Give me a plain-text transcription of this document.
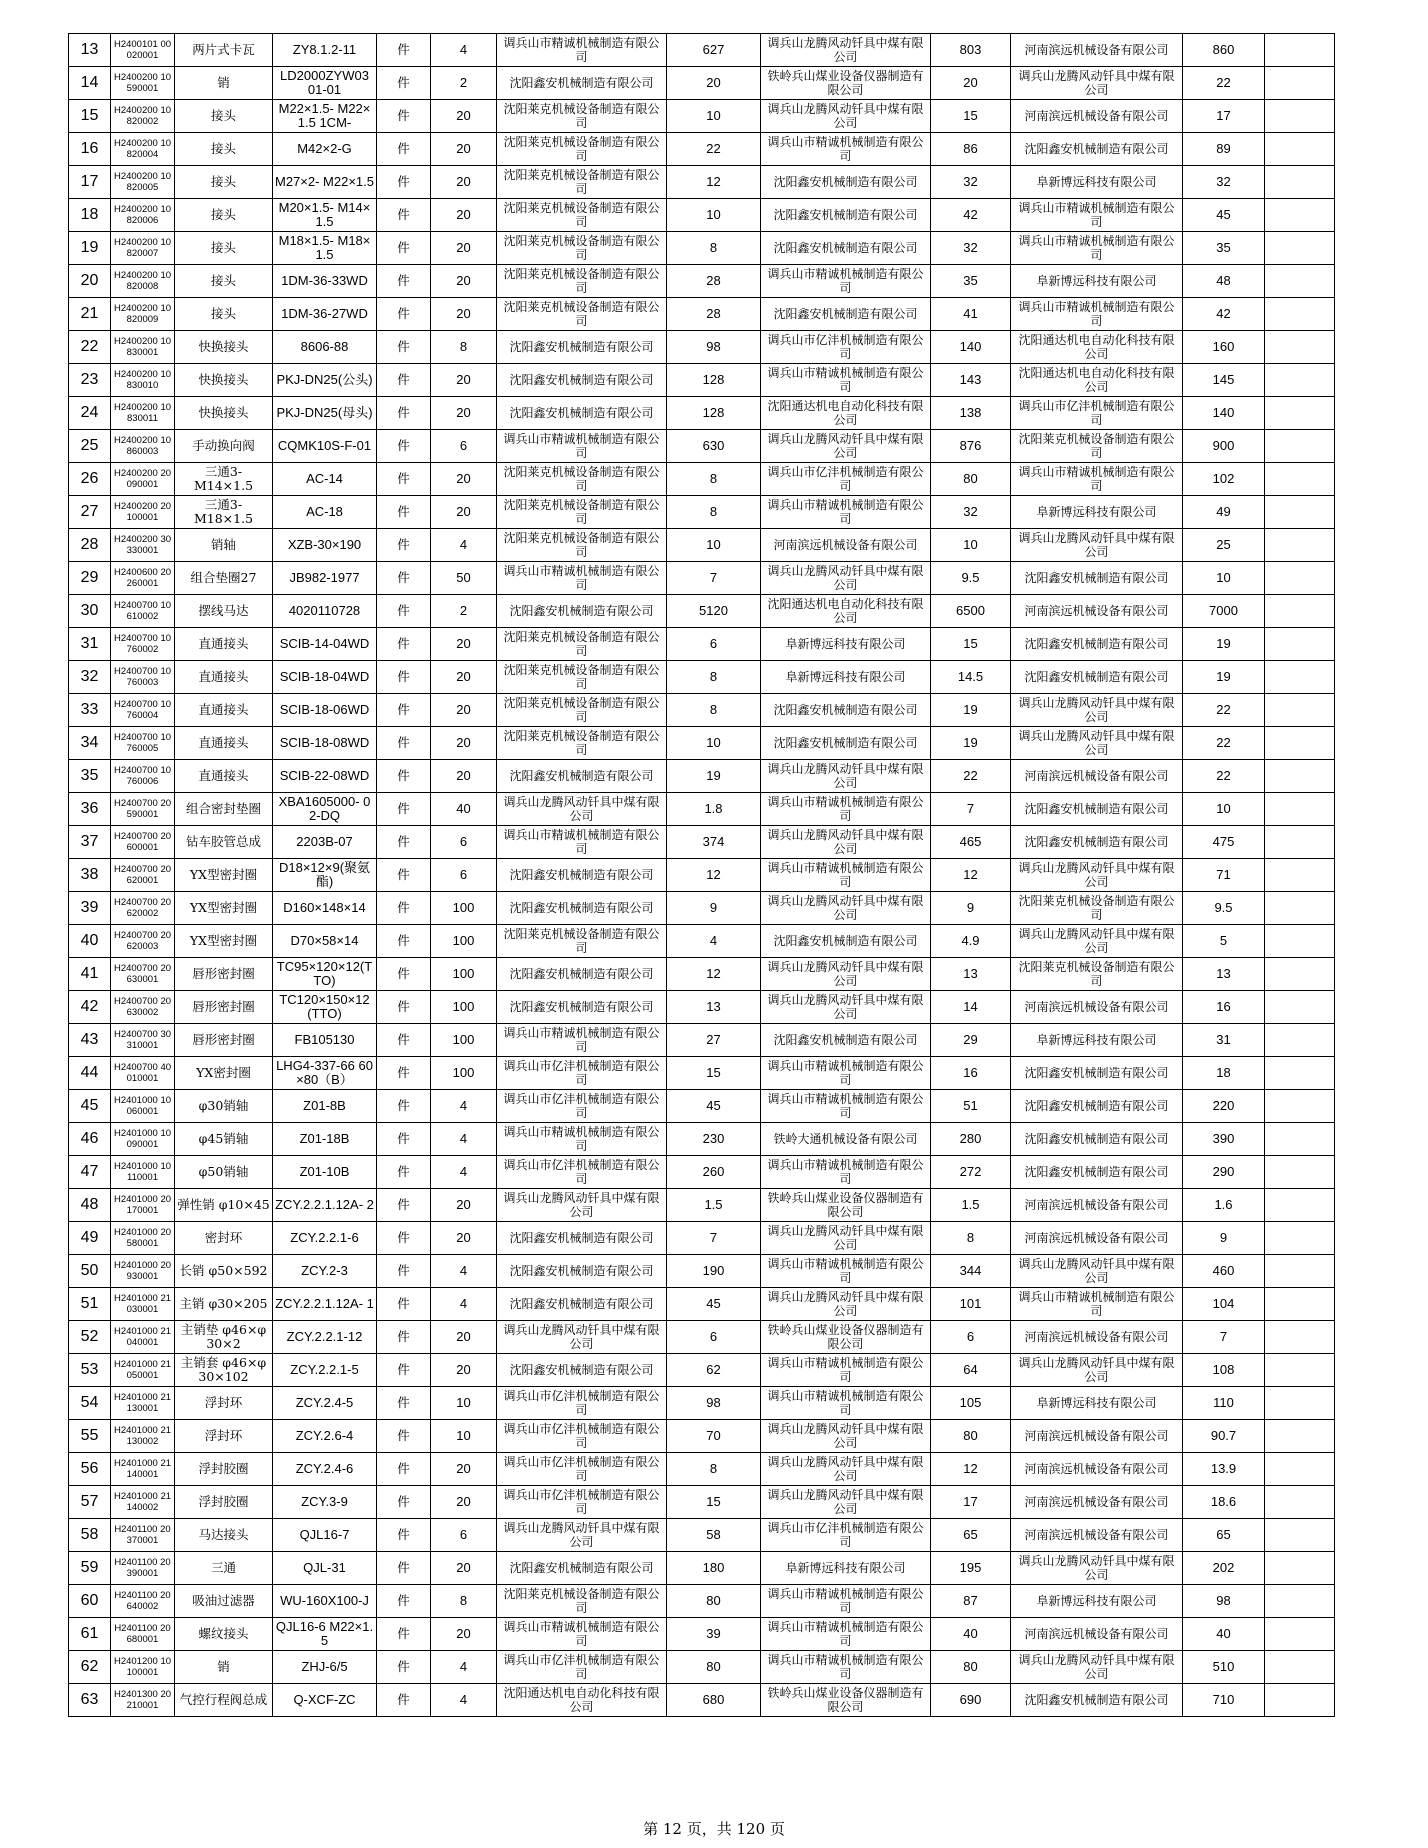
13	H2400101 00020001	两片式卡瓦	ZY8.1.2-11	件	4	调兵山市精诚机械制造有限公司	627	调兵山龙腾风动钎具中煤有限公司	803	河南滨远机械设备有限公司	860	
14	H2400200 10590001	销	LD2000ZYW03 01-01	件	2	沈阳鑫安机械制造有限公司	20	铁岭兵山煤业设备仪器制造有限公司	20	调兵山龙腾风动钎具中煤有限公司	22	
15	H2400200 10820002	接头	M22×1.5- M22×1.5 1CM-	件	20	沈阳莱克机械设备制造有限公司	10	调兵山龙腾风动钎具中煤有限公司	15	河南滨远机械设备有限公司	17	
16	H2400200 10820004	接头	M42×2-G	件	20	沈阳莱克机械设备制造有限公司	22	调兵山市精诚机械制造有限公司	86	沈阳鑫安机械制造有限公司	89	
17	H2400200 10820005	接头	M27×2- M22×1.5	件	20	沈阳莱克机械设备制造有限公司	12	沈阳鑫安机械制造有限公司	32	阜新博远科技有限公司	32	
18	H2400200 10820006	接头	M20×1.5- M14×1.5	件	20	沈阳莱克机械设备制造有限公司	10	沈阳鑫安机械制造有限公司	42	调兵山市精诚机械制造有限公司	45	
19	H2400200 10820007	接头	M18×1.5- M18×1.5	件	20	沈阳莱克机械设备制造有限公司	8	沈阳鑫安机械制造有限公司	32	调兵山市精诚机械制造有限公司	35	
20	H2400200 10820008	接头	1DM-36-33WD	件	20	沈阳莱克机械设备制造有限公司	28	调兵山市精诚机械制造有限公司	35	阜新博远科技有限公司	48	
21	H2400200 10820009	接头	1DM-36-27WD	件	20	沈阳莱克机械设备制造有限公司	28	沈阳鑫安机械制造有限公司	41	调兵山市精诚机械制造有限公司	42	
22	H2400200 10830001	快换接头	8606-88	件	8	沈阳鑫安机械制造有限公司	98	调兵山市亿沣机械制造有限公司	140	沈阳通达机电自动化科技有限公司	160	
23	H2400200 10830010	快换接头	PKJ-DN25(公头)	件	20	沈阳鑫安机械制造有限公司	128	调兵山市精诚机械制造有限公司	143	沈阳通达机电自动化科技有限公司	145	
24	H2400200 10830011	快换接头	PKJ-DN25(母头)	件	20	沈阳鑫安机械制造有限公司	128	沈阳通达机电自动化科技有限公司	138	调兵山市亿沣机械制造有限公司	140	
25	H2400200 10860003	手动换向阀	CQMK10S-F-01	件	6	调兵山市精诚机械制造有限公司	630	调兵山龙腾风动钎具中煤有限公司	876	沈阳莱克机械设备制造有限公司	900	
26	H2400200 20090001	三通3-M14×1.5	AC-14	件	20	沈阳莱克机械设备制造有限公司	8	调兵山市亿沣机械制造有限公司	80	调兵山市精诚机械制造有限公司	102	
27	H2400200 20100001	三通3-M18×1.5	AC-18	件	20	沈阳莱克机械设备制造有限公司	8	调兵山市精诚机械制造有限公司	32	阜新博远科技有限公司	49	
28	H2400200 30330001	销轴	XZB-30×190	件	4	沈阳莱克机械设备制造有限公司	10	河南滨远机械设备有限公司	10	调兵山龙腾风动钎具中煤有限公司	25	
29	H2400600 20260001	组合垫圈27	JB982-1977	件	50	调兵山市精诚机械制造有限公司	7	调兵山龙腾风动钎具中煤有限公司	9.5	沈阳鑫安机械制造有限公司	10	
30	H2400700 10610002	摆线马达	4020110728	件	2	沈阳鑫安机械制造有限公司	5120	沈阳通达机电自动化科技有限公司	6500	河南滨远机械设备有限公司	7000	
31	H2400700 10760002	直通接头	SCIB-14-04WD	件	20	沈阳莱克机械设备制造有限公司	6	阜新博远科技有限公司	15	沈阳鑫安机械制造有限公司	19	
32	H2400700 10760003	直通接头	SCIB-18-04WD	件	20	沈阳莱克机械设备制造有限公司	8	阜新博远科技有限公司	14.5	沈阳鑫安机械制造有限公司	19	
33	H2400700 10760004	直通接头	SCIB-18-06WD	件	20	沈阳莱克机械设备制造有限公司	8	沈阳鑫安机械制造有限公司	19	调兵山龙腾风动钎具中煤有限公司	22	
34	H2400700 10760005	直通接头	SCIB-18-08WD	件	20	沈阳莱克机械设备制造有限公司	10	沈阳鑫安机械制造有限公司	19	调兵山龙腾风动钎具中煤有限公司	22	
35	H2400700 10760006	直通接头	SCIB-22-08WD	件	20	沈阳鑫安机械制造有限公司	19	调兵山龙腾风动钎具中煤有限公司	22	河南滨远机械设备有限公司	22	
36	H2400700 20590001	组合密封垫圈	XBA1605000- 02-DQ	件	40	调兵山龙腾风动钎具中煤有限公司	1.8	调兵山市精诚机械制造有限公司	7	沈阳鑫安机械制造有限公司	10	
37	H2400700 20600001	钻车胶管总成	2203B-07	件	6	调兵山市精诚机械制造有限公司	374	调兵山龙腾风动钎具中煤有限公司	465	沈阳鑫安机械制造有限公司	475	
38	H2400700 20620001	YX型密封圈	D18×12×9(聚氨酯)	件	6	沈阳鑫安机械制造有限公司	12	调兵山市精诚机械制造有限公司	12	调兵山龙腾风动钎具中煤有限公司	71	
39	H2400700 20620002	YX型密封圈	D160×148×14	件	100	沈阳鑫安机械制造有限公司	9	调兵山龙腾风动钎具中煤有限公司	9	沈阳莱克机械设备制造有限公司	9.5	
40	H2400700 20620003	YX型密封圈	D70×58×14	件	100	沈阳莱克机械设备制造有限公司	4	沈阳鑫安机械制造有限公司	4.9	调兵山龙腾风动钎具中煤有限公司	5	
41	H2400700 20630001	唇形密封圈	TC95×120×12(TTO)	件	100	沈阳鑫安机械制造有限公司	12	调兵山龙腾风动钎具中煤有限公司	13	沈阳莱克机械设备制造有限公司	13	
42	H2400700 20630002	唇形密封圈	TC120×150×12 (TTO)	件	100	沈阳鑫安机械制造有限公司	13	调兵山龙腾风动钎具中煤有限公司	14	河南滨远机械设备有限公司	16	
43	H2400700 30310001	唇形密封圈	FB105130	件	100	调兵山市精诚机械制造有限公司	27	沈阳鑫安机械制造有限公司	29	阜新博远科技有限公司	31	
44	H2400700 40010001	YX密封圈	LHG4-337-66 60×80（B）	件	100	调兵山市亿沣机械制造有限公司	15	调兵山市精诚机械制造有限公司	16	沈阳鑫安机械制造有限公司	18	
45	H2401000 10060001	φ30销轴	Z01-8B	件	4	调兵山市亿沣机械制造有限公司	45	调兵山市精诚机械制造有限公司	51	沈阳鑫安机械制造有限公司	220	
46	H2401000 10090001	φ45销轴	Z01-18B	件	4	调兵山市精诚机械制造有限公司	230	铁岭大通机械设备有限公司	280	沈阳鑫安机械制造有限公司	390	
47	H2401000 10110001	φ50销轴	Z01-10B	件	4	调兵山市亿沣机械制造有限公司	260	调兵山市精诚机械制造有限公司	272	沈阳鑫安机械制造有限公司	290	
48	H2401000 20170001	弹性销 φ10×45	ZCY.2.2.1.12A- 2	件	20	调兵山龙腾风动钎具中煤有限公司	1.5	铁岭兵山煤业设备仪器制造有限公司	1.5	河南滨远机械设备有限公司	1.6	
49	H2401000 20580001	密封环	ZCY.2.2.1-6	件	20	沈阳鑫安机械制造有限公司	7	调兵山龙腾风动钎具中煤有限公司	8	河南滨远机械设备有限公司	9	
50	H2401000 20930001	长销 φ50×592	ZCY.2-3	件	4	沈阳鑫安机械制造有限公司	190	调兵山市精诚机械制造有限公司	344	调兵山龙腾风动钎具中煤有限公司	460	
51	H2401000 21030001	主销 φ30×205	ZCY.2.2.1.12A- 1	件	4	沈阳鑫安机械制造有限公司	45	调兵山龙腾风动钎具中煤有限公司	101	调兵山市精诚机械制造有限公司	104	
52	H2401000 21040001	主销垫 φ46×φ 30×2	ZCY.2.2.1-12	件	20	调兵山龙腾风动钎具中煤有限公司	6	铁岭兵山煤业设备仪器制造有限公司	6	河南滨远机械设备有限公司	7	
53	H2401000 21050001	主销套 φ46×φ 30×102	ZCY.2.2.1-5	件	20	沈阳鑫安机械制造有限公司	62	调兵山市精诚机械制造有限公司	64	调兵山龙腾风动钎具中煤有限公司	108	
54	H2401000 21130001	浮封环	ZCY.2.4-5	件	10	调兵山市亿沣机械制造有限公司	98	调兵山市精诚机械制造有限公司	105	阜新博远科技有限公司	110	
55	H2401000 21130002	浮封环	ZCY.2.6-4	件	10	调兵山市亿沣机械制造有限公司	70	调兵山龙腾风动钎具中煤有限公司	80	河南滨远机械设备有限公司	90.7	
56	H2401000 21140001	浮封胶圈	ZCY.2.4-6	件	20	调兵山市亿沣机械制造有限公司	8	调兵山龙腾风动钎具中煤有限公司	12	河南滨远机械设备有限公司	13.9	
57	H2401000 21140002	浮封胶圈	ZCY.3-9	件	20	调兵山市亿沣机械制造有限公司	15	调兵山龙腾风动钎具中煤有限公司	17	河南滨远机械设备有限公司	18.6	
58	H2401100 20370001	马达接头	QJL16-7	件	6	调兵山龙腾风动钎具中煤有限公司	58	调兵山市亿沣机械制造有限公司	65	河南滨远机械设备有限公司	65	
59	H2401100 20390001	三通	QJL-31	件	20	沈阳鑫安机械制造有限公司	180	阜新博远科技有限公司	195	调兵山龙腾风动钎具中煤有限公司	202	
60	H2401100 20640002	吸油过滤器	WU-160X100-J	件	8	沈阳莱克机械设备制造有限公司	80	调兵山市精诚机械制造有限公司	87	阜新博远科技有限公司	98	
61	H2401100 20680001	螺纹接头	QJL16-6 M22×1.5	件	20	调兵山市精诚机械制造有限公司	39	调兵山市精诚机械制造有限公司	40	河南滨远机械设备有限公司	40	
62	H2401200 10100001	销	ZHJ-6/5	件	4	调兵山市亿沣机械制造有限公司	80	调兵山市精诚机械制造有限公司	80	调兵山龙腾风动钎具中煤有限公司	510	
63	H2401300 20210001	气控行程阀总成	Q-XCF-ZC	件	4	沈阳通达机电自动化科技有限公司	680	铁岭兵山煤业设备仪器制造有限公司	690	沈阳鑫安机械制造有限公司	710	
第 12 页，共 120 页
